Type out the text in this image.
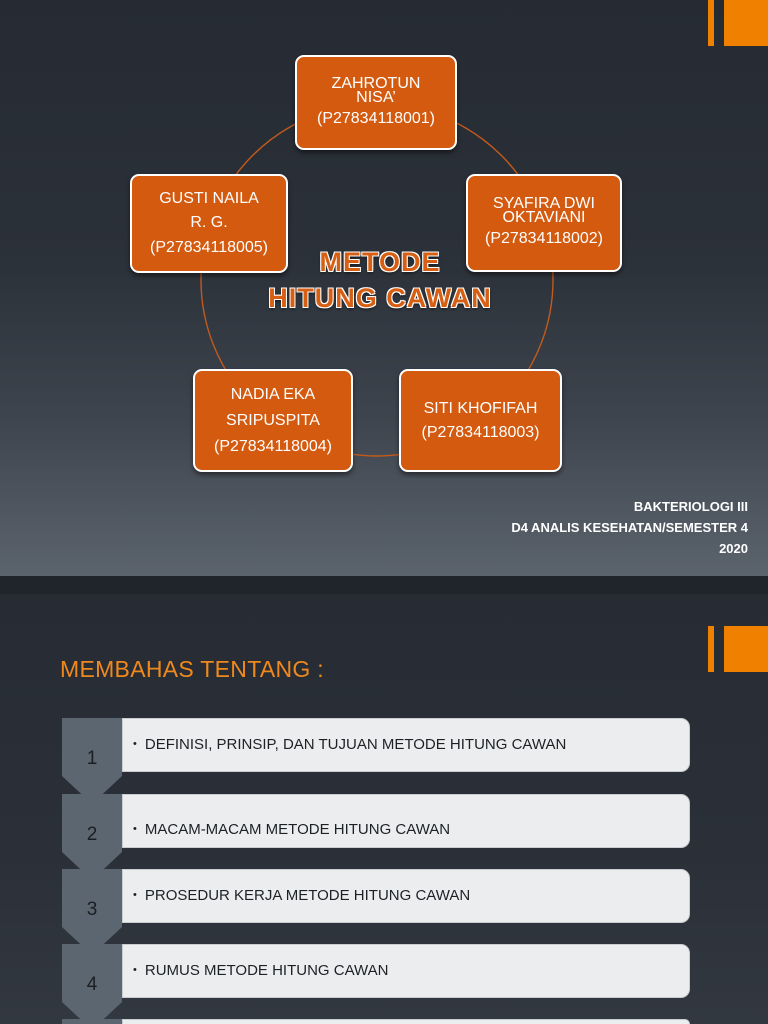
ZAHROTUN
NISA’
(P27834118001)
SYAFIRA DWI
OKTAVIANI
(P27834118002)
SITI KHOFIFAH
(P27834118003)
NADIA EKA
SRIPUSPITA
(P27834118004)
GUSTI NAILA
R. G.
(P27834118005)	METODE
HITUNG CAWAN
BAKTERIOLOGI III
D4 ANALIS KESEHATAN/SEMESTER 4
2020
MEMBAHAS TENTANG :
1
• DEFINISI, PRINSIP, DAN TUJUAN METODE HITUNG CAWAN
2	• MACAM-MACAM METODE HITUNG CAWAN
3
• PROSEDUR KERJA METODE HITUNG CAWAN
4
• RUMUS METODE HITUNG CAWAN
